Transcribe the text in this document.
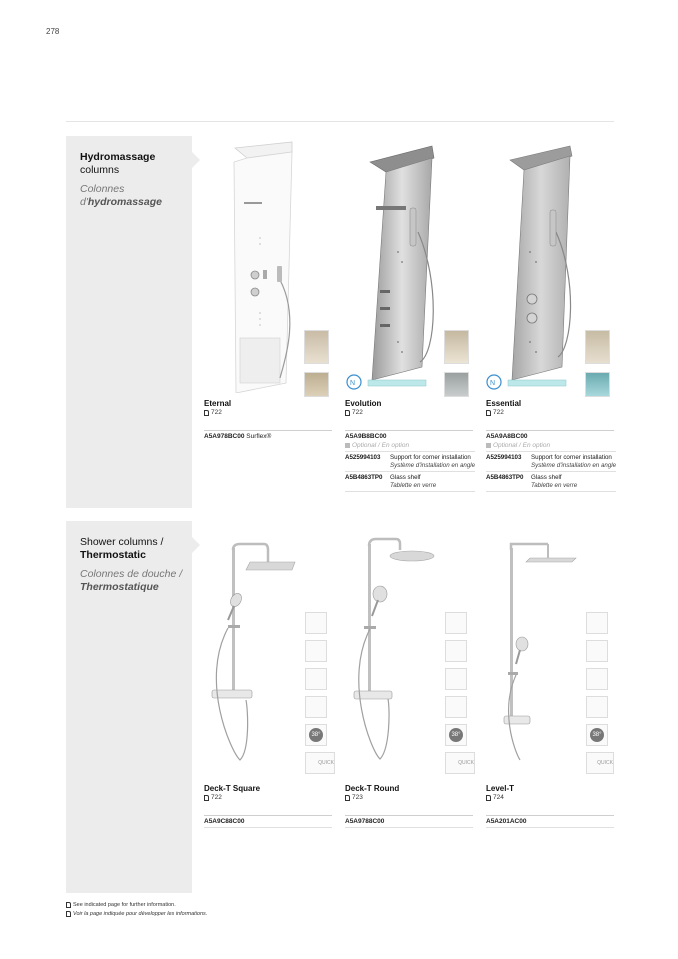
278
Hydromassage
columns
Colonnes
d'hydromassage
N	N
Eternal
722
A5A978BC00 Surflex®
Evolution
722
A5A9B8BC00
Optional / En option
A525994103	Support for corner installation
Système d'installation en angle
A5B4863TP0	Glass shelf
Tablette en verre
Essential
722
A5A9A8BC00
Optional / En option
A525994103	Support for corner installation
Système d'installation en angle
A5B4863TP0	Glass shelf
Tablette en verre
Shower columns /
Thermostatic
Colonnes de douche /
Thermostatique
38°
QUICK
38°
QUICK
38°
QUICK
Deck-T Square
722
A5A9C88C00
Deck-T Round
723
A5A9788C00
Level-T
724
A5A201AC00
See indicated page for further information.
Voir la page indiquée pour développer les informations.
